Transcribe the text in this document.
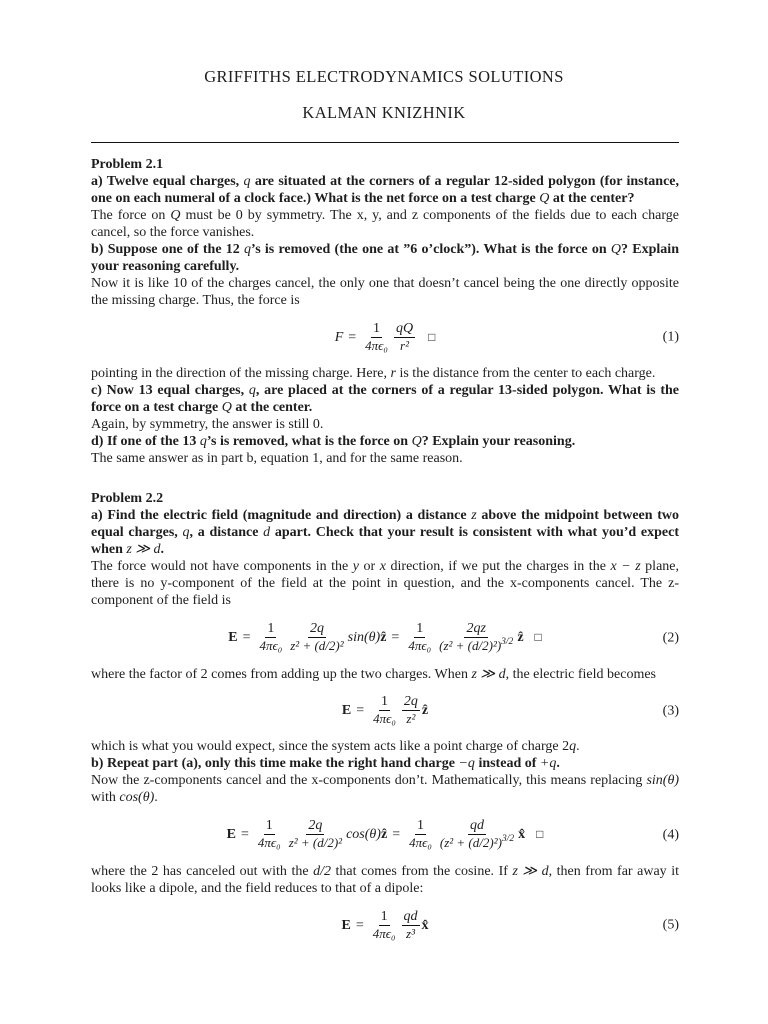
GRIFFITHS ELECTRODYNAMICS SOLUTIONS
KALMAN KNIZHNIK

Problem 2.1

a) Twelve equal charges, q are situated at the corners of a regular 12-sided polygon (for instance, one on each numeral of a clock face.) What is the net force on a test charge Q at the center?

The force on Q must be 0 by symmetry. The x, y, and z components of the fields due to each charge cancel, so the force vanishes.

b) Suppose one of the 12 q’s is removed (the one at ”6 o’clock”). What is the force on Q? Explain your reasoning carefully.

Now it is like 10 of the charges cancel, the only one that doesn’t cancel being the one directly opposite the missing charge. Thus, the force is

$F = \frac{1}{\text{4πϵ₀}} \frac{qQ}{\text{r²}}$ □	(1)

pointing in the direction of the missing charge. Here, r is the distance from the center to each charge.

c) Now 13 equal charges, q, are placed at the corners of a regular 13-sided polygon. What is the force on a test charge Q at the center.

Again, by symmetry, the answer is still 0.

d) If one of the 13 q’s is removed, what is the force on Q? Explain your reasoning.

The same answer as in part b, equation 1, and for the same reason.

Problem 2.2

a) Find the electric field (magnitude and direction) a distance z above the midpoint between two equal charges, q, a distance d apart. Check that your result is consistent with what you’d expect when z ≫ d.

The force would not have components in the y or x direction, if we put the charges in the x − z plane, there is no y-component of the field at the point in question, and the x-components cancel. The z-component of the field is

$E = \frac{1}{\text{4πϵ₀}} \frac{2q}{\text{z² + (d/2)²}} \sin(\theta)$ ẑ = $\frac{1}{\text{4πϵ₀}} \frac{2qz}{(z^2 + (d/2)^2)^{3/2}}$ ẑ □	(2)

where the factor of 2 comes from adding up the two charges. When z ≫ d, the electric field becomes

$E = \frac{1}{\text{4πϵ₀}} \frac{2q}{\text{z²}}$ ẑ	(3)

which is what you would expect, since the system acts like a point charge of charge 2q.

b) Repeat part (a), only this time make the right hand charge −q instead of +q.

Now the z-components cancel and the x-components don’t. Mathematically, this means replacing sin(θ) with cos(θ).

$E = \frac{1}{\text{4πϵ₀}} \frac{2q}{\text{z² + (d/2)²}} \cos(\theta)$ ẑ = $\frac{1}{\text{4πϵ₀}} \frac{qd}{(z^2 + (d/2)^2)^{3/2}}$ x̂ □	(4)

where the 2 has canceled out with the d/2 that comes from the cosine. If z ≫ d, then from far away it looks like a dipole, and the field reduces to that of a dipole:

$E = \frac{1}{\text{4πϵ₀}} \frac{qd}{\text{z³}}$ x̂	(5)
